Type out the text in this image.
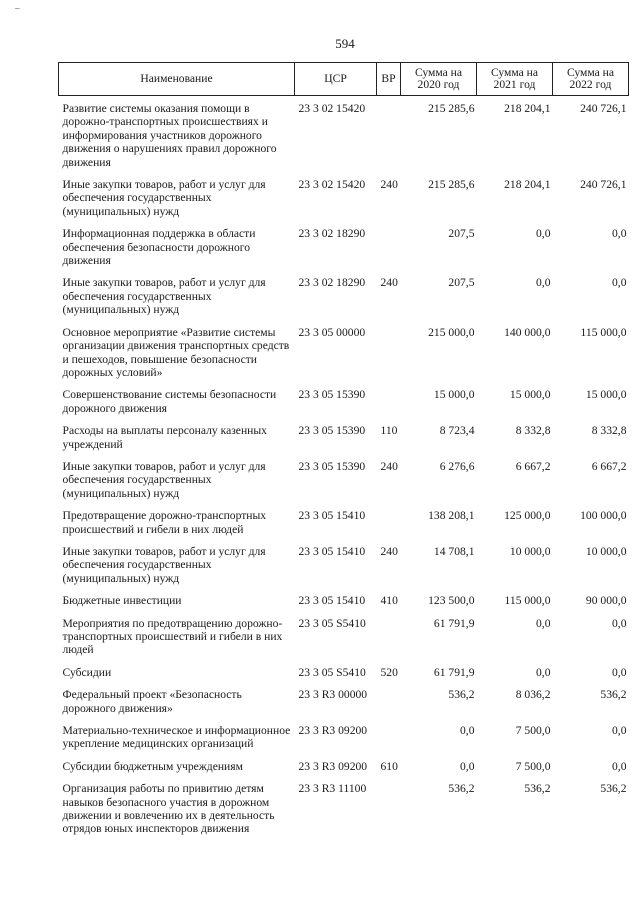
~
594
Наименование	ЦСР	ВР	Сумма на 2020 год	Сумма на 2021 год	Сумма на 2022 год
Развитие системы оказания помощи в дорожно-транспортных происшествиях и информирования участников дорожного движения о нарушениях правил дорожного движения	23 3 02 15420		215 285,6	218 204,1	240 726,1
Иные закупки товаров, работ и услуг для обеспечения государственных (муниципальных) нужд	23 3 02 15420	240	215 285,6	218 204,1	240 726,1
Информационная поддержка в области обеспечения безопасности дорожного движения	23 3 02 18290		207,5	0,0	0,0
Иные закупки товаров, работ и услуг для обеспечения государственных (муниципальных) нужд	23 3 02 18290	240	207,5	0,0	0,0
Основное мероприятие «Развитие системы организации движения транспортных средств и пешеходов, повышение безопасности дорожных условий»	23 3 05 00000		215 000,0	140 000,0	115 000,0
Совершенствование системы безопасности дорожного движения	23 3 05 15390		15 000,0	15 000,0	15 000,0
Расходы на выплаты персоналу казенных учреждений	23 3 05 15390	110	8 723,4	8 332,8	8 332,8
Иные закупки товаров, работ и услуг для обеспечения государственных (муниципальных) нужд	23 3 05 15390	240	6 276,6	6 667,2	6 667,2
Предотвращение дорожно-транспортных происшествий и гибели в них людей	23 3 05 15410		138 208,1	125 000,0	100 000,0
Иные закупки товаров, работ и услуг для обеспечения государственных (муниципальных) нужд	23 3 05 15410	240	14 708,1	10 000,0	10 000,0
Бюджетные инвестиции	23 3 05 15410	410	123 500,0	115 000,0	90 000,0
Мероприятия по предотвращению дорожно-транспортных происшествий и гибели в них людей	23 3 05 S5410		61 791,9	0,0	0,0
Субсидии	23 3 05 S5410	520	61 791,9	0,0	0,0
Федеральный проект «Безопасность дорожного движения»	23 3 R3 00000		536,2	8 036,2	536,2
Материально-техническое и информационное укрепление медицинских организаций	23 3 R3 09200		0,0	7 500,0	0,0
Субсидии бюджетным учреждениям	23 3 R3 09200	610	0,0	7 500,0	0,0
Организация работы по привитию детям навыков безопасного участия в дорожном движении и вовлечению их в деятельность отрядов юных инспекторов движения	23 3 R3 11100		536,2	536,2	536,2
